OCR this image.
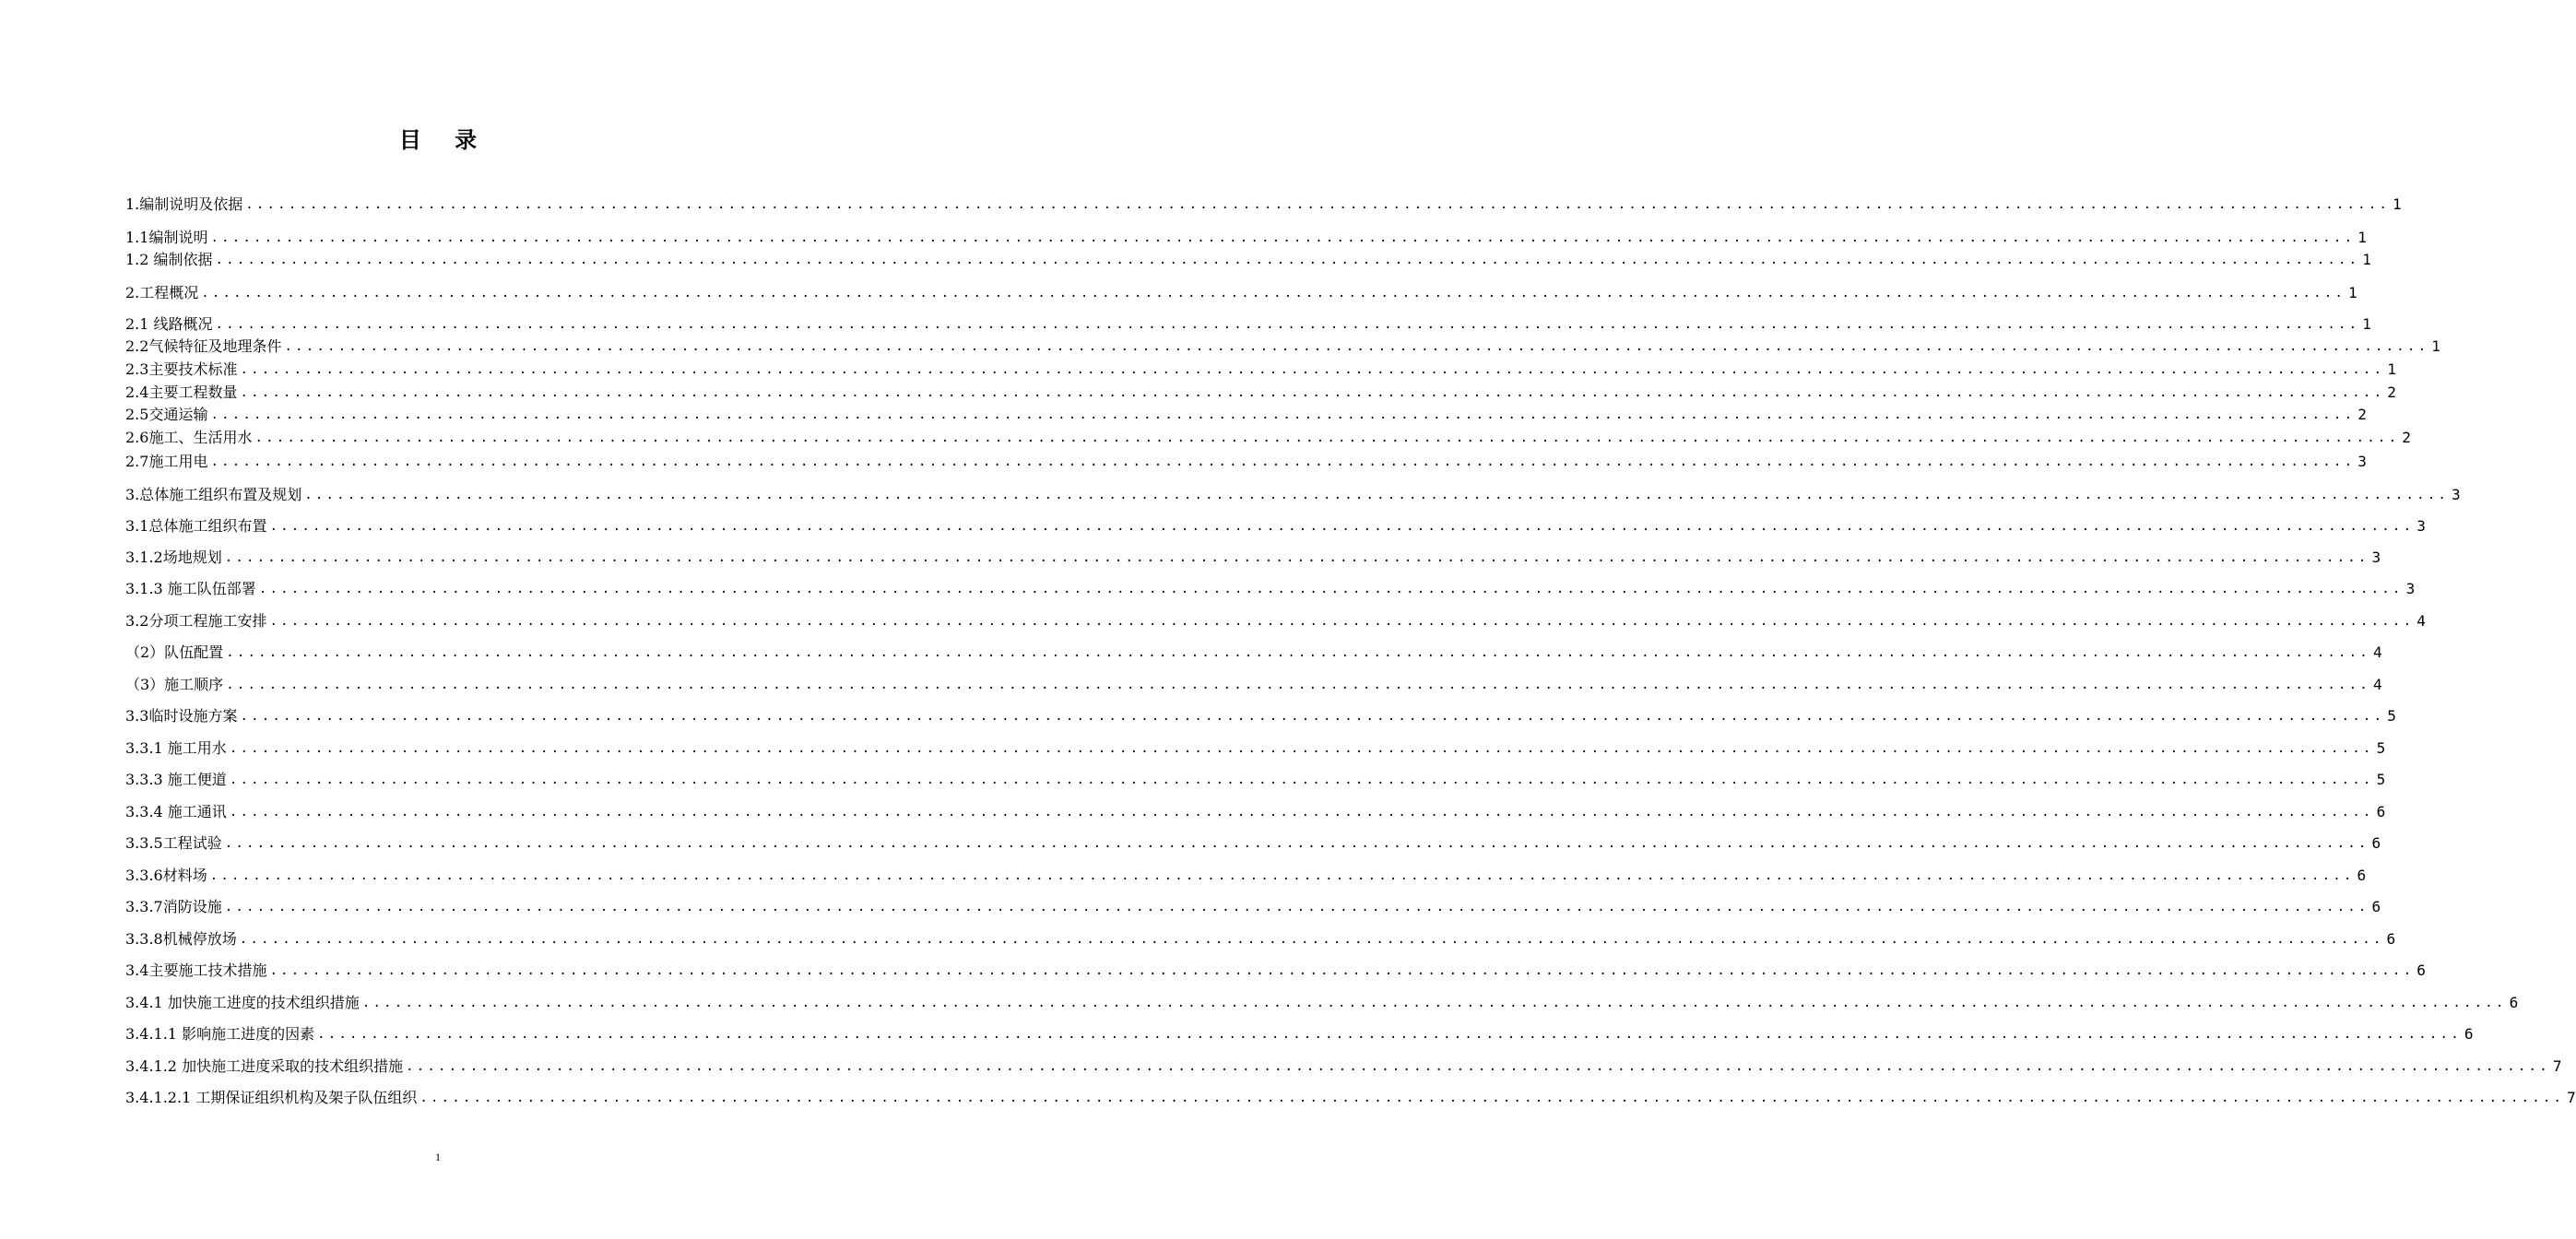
目 录
1.编制说明及依据 ........................................................................................................................................................................................................ 1
1.1编制说明 ........................................................................................................................................................................................................ 1
1.2 编制依据 ........................................................................................................................................................................................................ 1
2.工程概况 ........................................................................................................................................................................................................ 1
2.1 线路概况 ........................................................................................................................................................................................................ 1
2.2气候特征及地理条件 ........................................................................................................................................................................................................ 1
2.3主要技术标准 ........................................................................................................................................................................................................ 1
2.4主要工程数量 ........................................................................................................................................................................................................ 2
2.5交通运输 ........................................................................................................................................................................................................ 2
2.6施工、生活用水 ........................................................................................................................................................................................................ 2
2.7施工用电 ........................................................................................................................................................................................................ 3
3.总体施工组织布置及规划 ........................................................................................................................................................................................................ 3
3.1总体施工组织布置 ........................................................................................................................................................................................................ 3
3.1.2场地规划 ........................................................................................................................................................................................................ 3
3.1.3 施工队伍部署 ........................................................................................................................................................................................................ 3
3.2分项工程施工安排 ........................................................................................................................................................................................................ 4
（2）队伍配置 ........................................................................................................................................................................................................ 4
（3）施工顺序 ........................................................................................................................................................................................................ 4
3.3临时设施方案 ........................................................................................................................................................................................................ 5
3.3.1 施工用水 ........................................................................................................................................................................................................ 5
3.3.3 施工便道 ........................................................................................................................................................................................................ 5
3.3.4 施工通讯 ........................................................................................................................................................................................................ 6
3.3.5工程试验 ........................................................................................................................................................................................................ 6
3.3.6材料场 ........................................................................................................................................................................................................ 6
3.3.7消防设施 ........................................................................................................................................................................................................ 6
3.3.8机械停放场 ........................................................................................................................................................................................................ 6
3.4主要施工技术措施 ........................................................................................................................................................................................................ 6
3.4.1 加快施工进度的技术组织措施 ........................................................................................................................................................................................................ 6
3.4.1.1 影响施工进度的因素 ........................................................................................................................................................................................................ 6
3.4.1.2 加快施工进度采取的技术组织措施 ........................................................................................................................................................................................................ 7
3.4.1.2.1 工期保证组织机构及架子队伍组织 ........................................................................................................................................................................................................ 7
1
